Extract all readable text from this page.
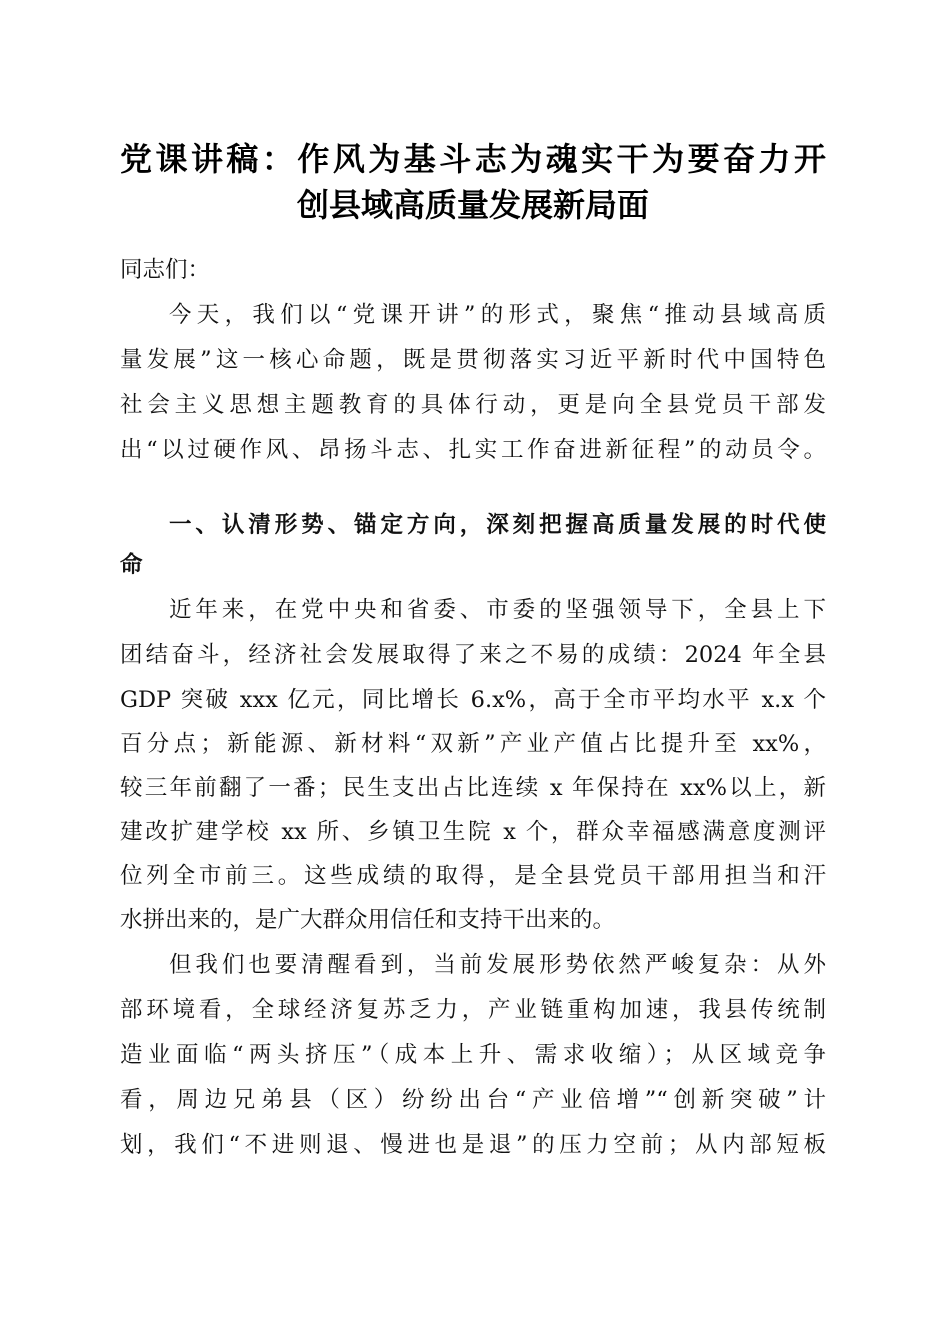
党课讲稿：作风为基斗志为魂实干为要奋力开
创县域高质量发展新局面
同志们：
今天，我们以“党课开讲”的形式，聚焦“推动县域高质
量发展”这一核心命题，既是贯彻落实习近平新时代中国特色
社会主义思想主题教育的具体行动，更是向全县党员干部发
出“以过硬作风、昂扬斗志、扎实工作奋进新征程”的动员令。
一、认清形势、锚定方向，深刻把握高质量发展的时代使
命
近年来，在党中央和省委、市委的坚强领导下，全县上下
团结奋斗，经济社会发展取得了来之不易的成绩：2024 年全县
GDP 突破 xxx 亿元，同比增长 6.x%，高于全市平均水平 x.x 个
百分点；新能源、新材料“双新”产业产值占比提升至 xx%，
较三年前翻了一番；民生支出占比连续 x 年保持在 xx%以上，新
建改扩建学校 xx 所、乡镇卫生院 x 个，群众幸福感满意度测评
位列全市前三。这些成绩的取得，是全县党员干部用担当和汗
水拼出来的，是广大群众用信任和支持干出来的。
但我们也要清醒看到，当前发展形势依然严峻复杂：从外
部环境看，全球经济复苏乏力，产业链重构加速，我县传统制
造业面临“两头挤压”（成本上升、需求收缩）；从区域竞争
看，周边兄弟县（区）纷纷出台“产业倍增”“创新突破”计
划，我们“不进则退、慢进也是退”的压力空前；从内部短板
